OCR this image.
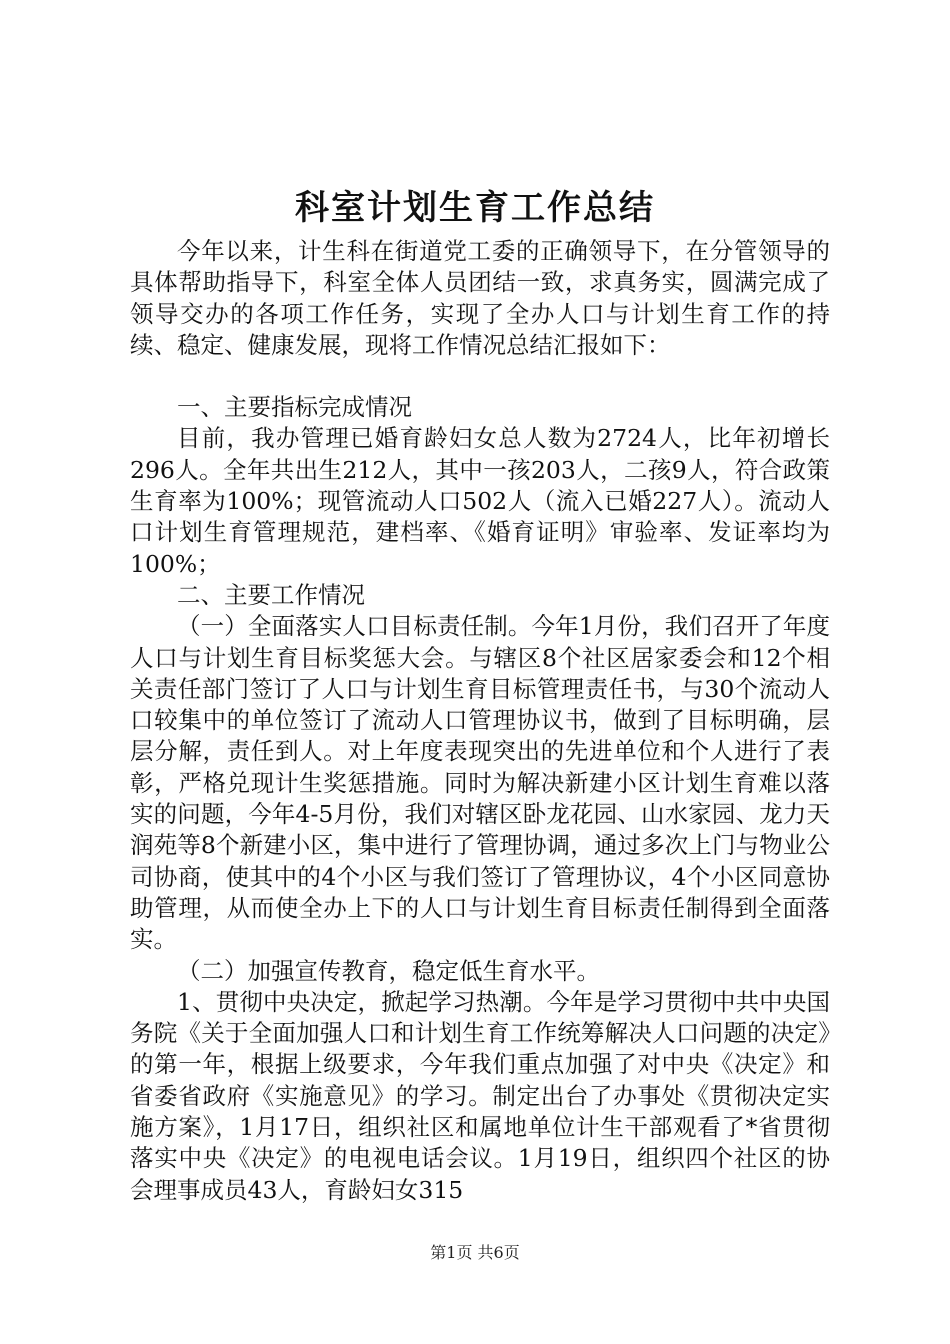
科室计划生育工作总结

今年以来，计生科在街道党工委的正确领导下，在分管领导的具体帮助指导下，科室全体人员团结一致，求真务实，圆满完成了领导交办的各项工作任务，实现了全办人口与计划生育工作的持续、稳定、健康发展，现将工作情况总结汇报如下：

一、主要指标完成情况

目前，我办管理已婚育龄妇女总人数为2724人，比年初增长296人。全年共出生212人，其中一孩203人，二孩9人，符合政策生育率为100%；现管流动人口502人（流入已婚227人）。流动人口计划生育管理规范，建档率、《婚育证明》审验率、发证率均为100%；

二、主要工作情况

（一）全面落实人口目标责任制。今年1月份，我们召开了年度人口与计划生育目标奖惩大会。与辖区8个社区居家委会和12个相关责任部门签订了人口与计划生育目标管理责任书，与30个流动人口较集中的单位签订了流动人口管理协议书，做到了目标明确，层层分解，责任到人。对上年度表现突出的先进单位和个人进行了表彰，严格兑现计生奖惩措施。同时为解决新建小区计划生育难以落实的问题，今年4-5月份，我们对辖区卧龙花园、山水家园、龙力天润苑等8个新建小区，集中进行了管理协调，通过多次上门与物业公司协商，使其中的4个小区与我们签订了管理协议，4个小区同意协助管理，从而使全办上下的人口与计划生育目标责任制得到全面落实。

（二）加强宣传教育，稳定低生育水平。

1、贯彻中央决定，掀起学习热潮。今年是学习贯彻中共中央国务院《关于全面加强人口和计划生育工作统筹解决人口问题的决定》的第一年，根据上级要求，今年我们重点加强了对中央《决定》和省委省政府《实施意见》的学习。制定出台了办事处《贯彻决定实施方案》，1月17日，组织社区和属地单位计生干部观看了*省贯彻落实中央《决定》的电视电话会议。1月19日，组织四个社区的协会理事成员43人，育龄妇女315

第1页 共6页
